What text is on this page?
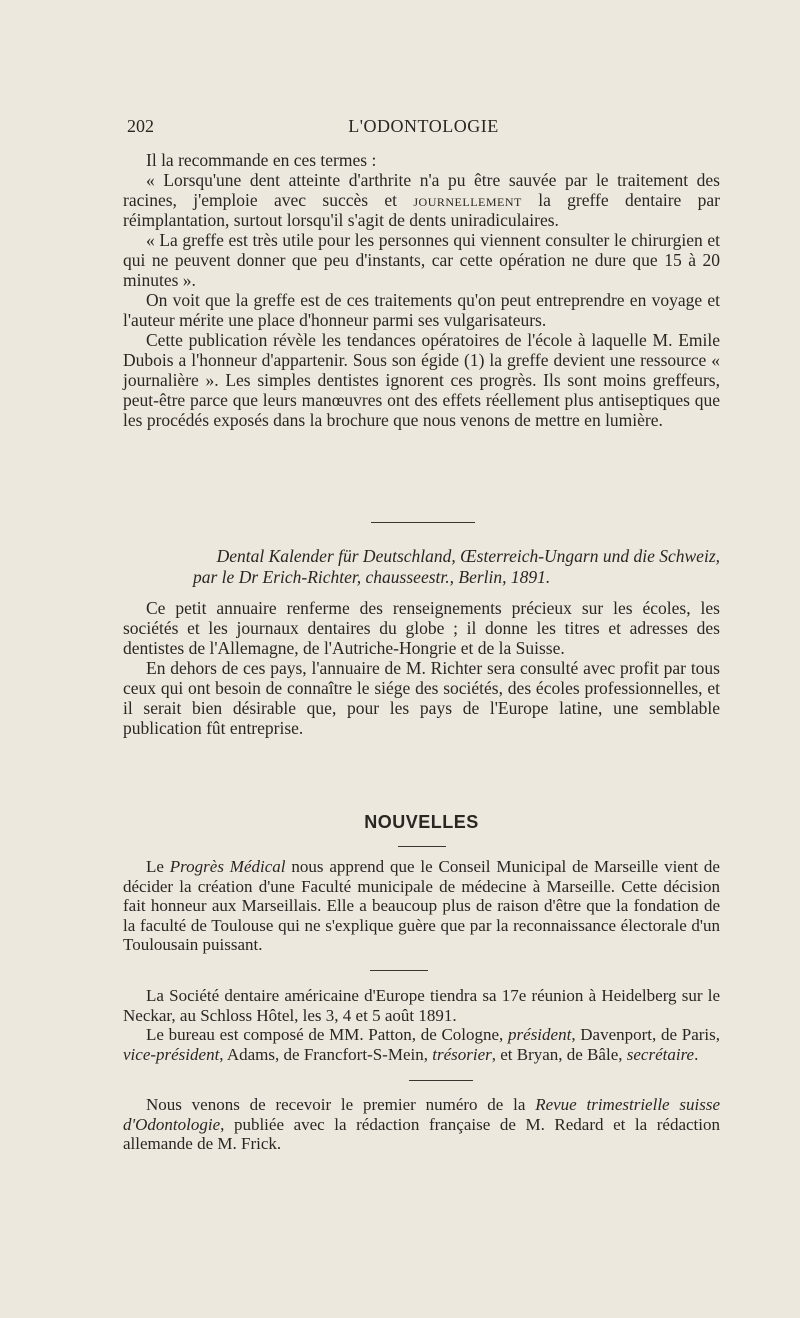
202	L'ODONTOLOGIE

Il la recommande en ces termes :

« Lorsqu'une dent atteinte d'arthrite n'a pu être sauvée par le traitement des racines, j'emploie avec succès et journellement la greffe dentaire par réimplantation, surtout lorsqu'il s'agit de dents uniradiculaires.

« La greffe est très utile pour les personnes qui viennent consulter le chirurgien et qui ne peuvent donner que peu d'instants, car cette opération ne dure que 15 à 20 minutes ».

On voit que la greffe est de ces traitements qu'on peut entreprendre en voyage et l'auteur mérite une place d'honneur parmi ses vulgarisateurs.

Cette publication révèle les tendances opératoires de l'école à laquelle M. Emile Dubois a l'honneur d'appartenir. Sous son égide (1) la greffe devient une ressource « journalière ». Les simples dentistes ignorent ces progrès. Ils sont moins greffeurs, peut-être parce que leurs manœuvres ont des effets réellement plus antiseptiques que les procédés exposés dans la brochure que nous venons de mettre en lumière.

Dental Kalender für Deutschland, Œsterreich-Ungarn und die Schweiz,
par le Dr Erich-Richter, chausseestr., Berlin, 1891.

Ce petit annuaire renferme des renseignements précieux sur les écoles, les sociétés et les journaux dentaires du globe ; il donne les titres et adresses des dentistes de l'Allemagne, de l'Autriche-Hongrie et de la Suisse.

En dehors de ces pays, l'annuaire de M. Richter sera consulté avec profit par tous ceux qui ont besoin de connaître le siége des sociétés, des écoles professionnelles, et il serait bien désirable que, pour les pays de l'Europe latine, une semblable publication fût entreprise.

NOUVELLES

Le Progrès Médical nous apprend que le Conseil Municipal de Marseille vient de décider la création d'une Faculté municipale de médecine à Marseille. Cette décision fait honneur aux Marseillais. Elle a beaucoup plus de raison d'être que la fondation de la faculté de Toulouse qui ne s'explique guère que par la reconnaissance électorale d'un Toulousain puissant.

La Société dentaire américaine d'Europe tiendra sa 17e réunion à Heidelberg sur le Neckar, au Schloss Hôtel, les 3, 4 et 5 août 1891.

Le bureau est composé de MM. Patton, de Cologne, président, Davenport, de Paris, vice-président, Adams, de Francfort-S-Mein, trésorier, et Bryan, de Bâle, secrétaire.

Nous venons de recevoir le premier numéro de la Revue trimestrielle suisse d'Odontologie, publiée avec la rédaction française de M. Redard et la rédaction allemande de M. Frick.
